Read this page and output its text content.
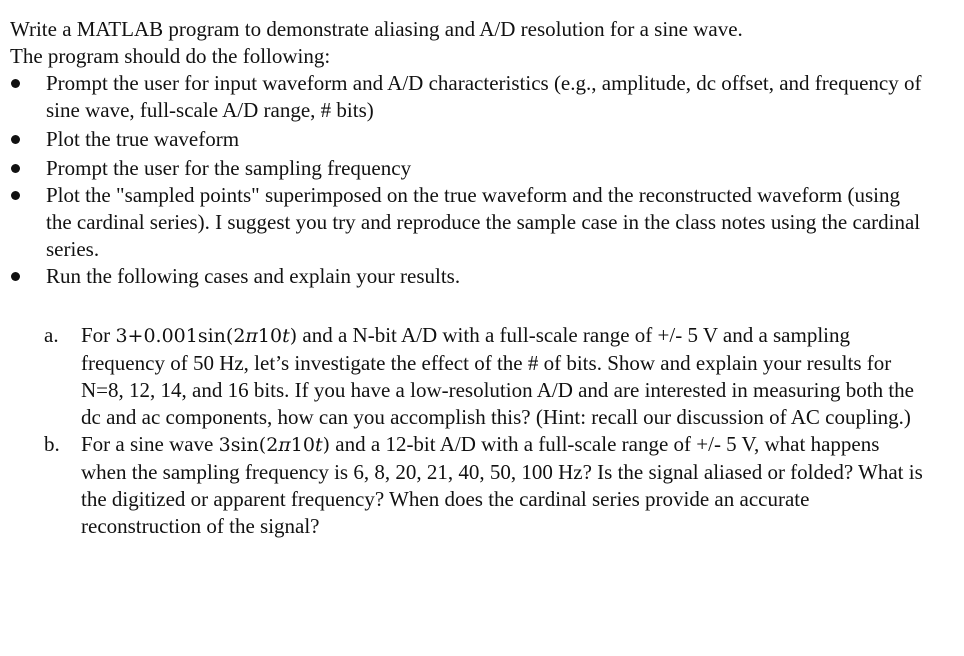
Write a MATLAB program to demonstrate aliasing and A/D resolution for a sine wave.

The program should do the following:

Prompt the user for input waveform and A/D characteristics (e.g., amplitude, dc offset, and frequency of sine wave, full-scale A/D range, # bits)
Plot the true waveform
Prompt the user for the sampling frequency
Plot the "sampled points" superimposed on the true waveform and the reconstructed waveform (using the cardinal series). I suggest you try and reproduce the sample case in the class notes using the cardinal series.
Run the following cases and explain your results.
a. For 3+0.001sin(2π10t) and a N-bit A/D with a full-scale range of +/- 5 V and a sampling frequency of 50 Hz, let’s investigate the effect of the # of bits. Show and explain your results for N=8, 12, 14, and 16 bits. If you have a low-resolution A/D and are interested in measuring both the dc and ac components, how can you accomplish this? (Hint: recall our discussion of AC coupling.)
b. For a sine wave 3sin(2π10t) and a 12-bit A/D with a full-scale range of +/- 5 V, what happens when the sampling frequency is 6, 8, 20, 21, 40, 50, 100 Hz? Is the signal aliased or folded? What is the digitized or apparent frequency? When does the cardinal series provide an accurate reconstruction of the signal?
